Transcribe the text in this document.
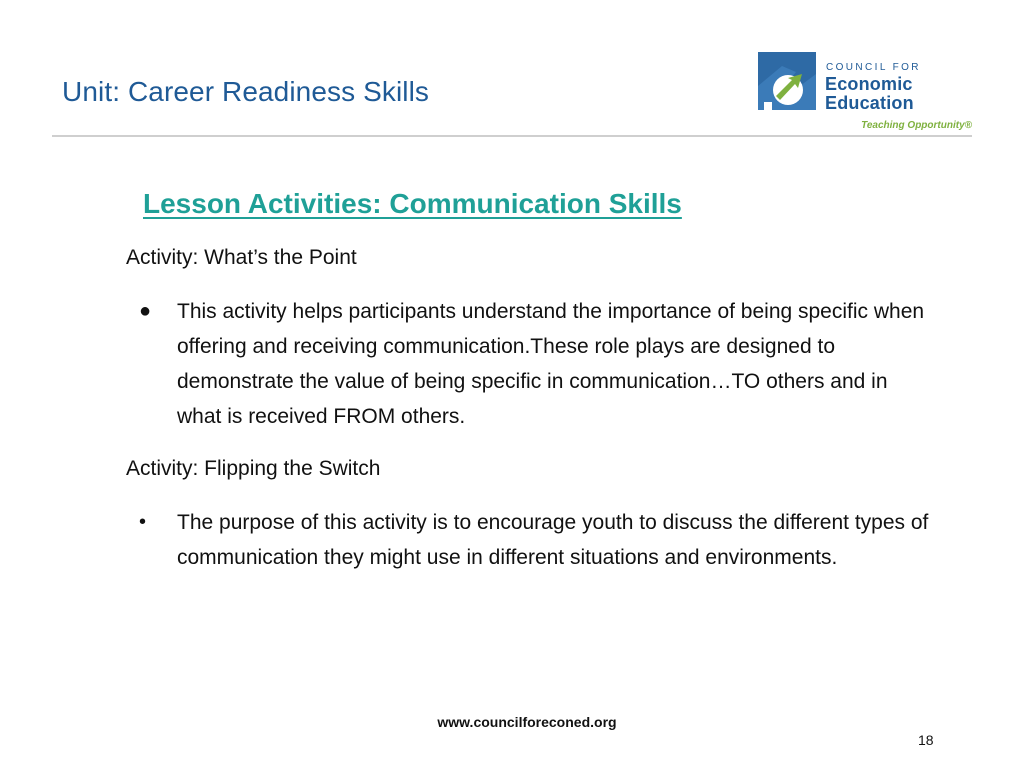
Unit: Career Readiness Skills
COUNCIL FOR
Economic
Education
Teaching Opportunity®
Lesson Activities: Communication Skills
Activity: What’s the Point
● This activity helps participants understand the importance of being specific when offering and receiving communication.These role plays are designed to demonstrate the value of being specific in communication…TO others and in what is received FROM others.
Activity: Flipping the Switch
• The purpose of this activity is to encourage youth to discuss the different types of communication they might use in different situations and environments.
www.councilforeconed.org
18
